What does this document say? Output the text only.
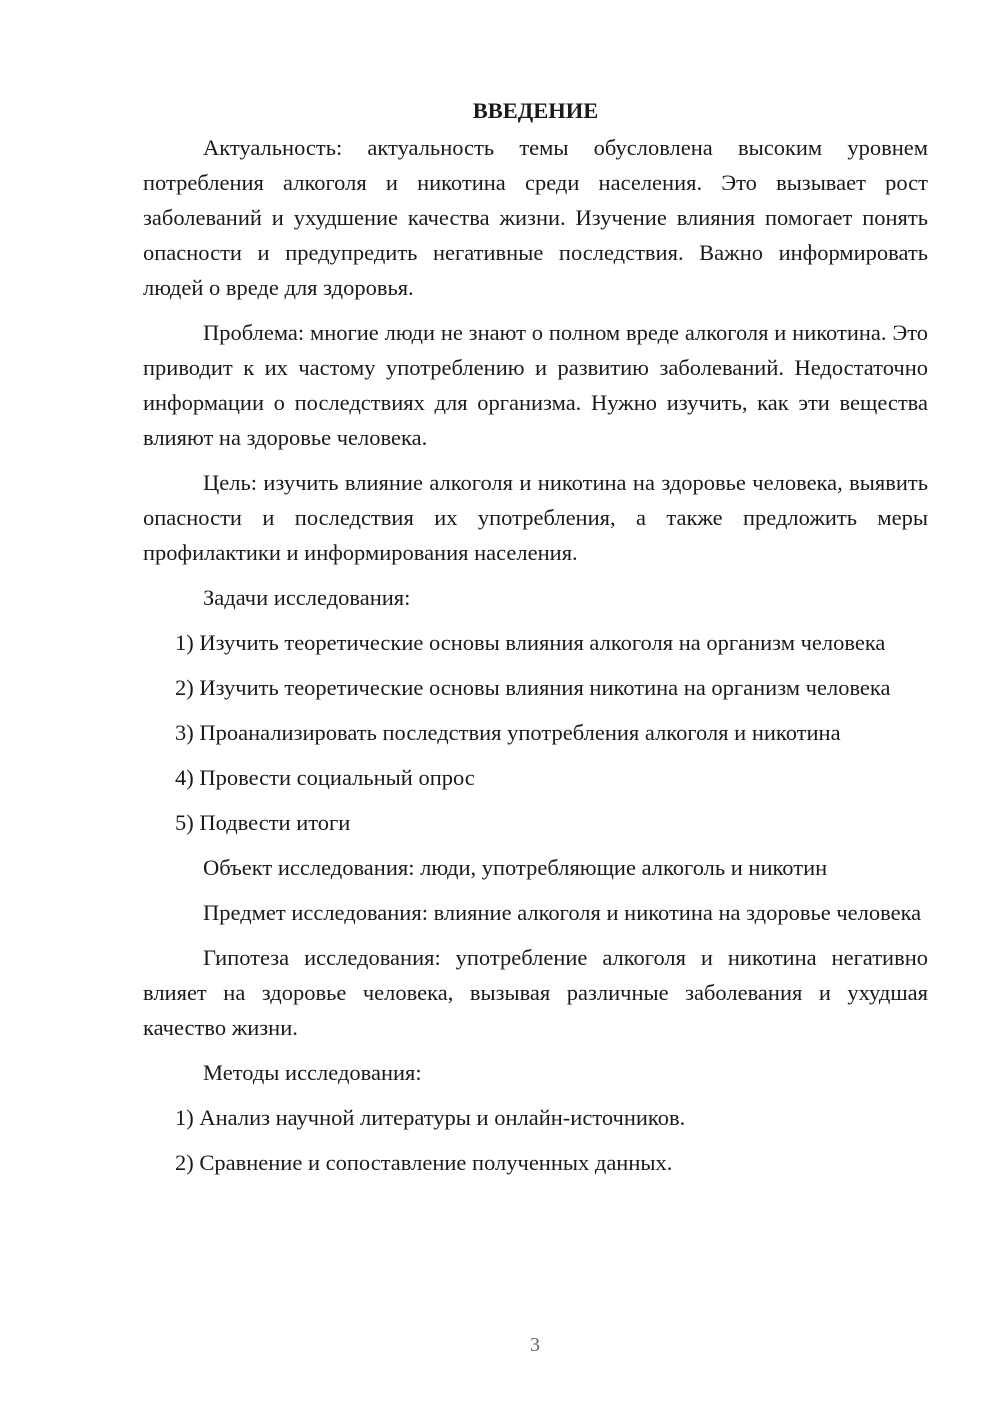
ВВЕДЕНИЕ

Актуальность: актуальность темы обусловлена высоким уровнем потребления алкоголя и никотина среди населения. Это вызывает рост заболеваний и ухудшение качества жизни. Изучение влияния помогает понять опасности и предупредить негативные последствия. Важно информировать людей о вреде для здоровья.

Проблема: многие люди не знают о полном вреде алкоголя и никотина. Это приводит к их частому употреблению и развитию заболеваний. Недостаточно информации о последствиях для организма. Нужно изучить, как эти вещества влияют на здоровье человека.

Цель: изучить влияние алкоголя и никотина на здоровье человека, выявить опасности и последствия их употребления, а также предложить меры профилактики и информирования населения.

Задачи исследования:

1) Изучить теоретические основы влияния алкоголя на организм человека

2) Изучить теоретические основы влияния никотина на организм человека

3) Проанализировать последствия употребления алкоголя и никотина

4) Провести социальный опрос

5) Подвести итоги

Объект исследования: люди, употребляющие алкоголь и никотин

Предмет исследования: влияние алкоголя и никотина на здоровье человека

Гипотеза исследования: употребление алкоголя и никотина негативно влияет на здоровье человека, вызывая различные заболевания и ухудшая качество жизни.

Методы исследования:

1) Анализ научной литературы и онлайн-источников.

2) Сравнение и сопоставление полученных данных.

3
